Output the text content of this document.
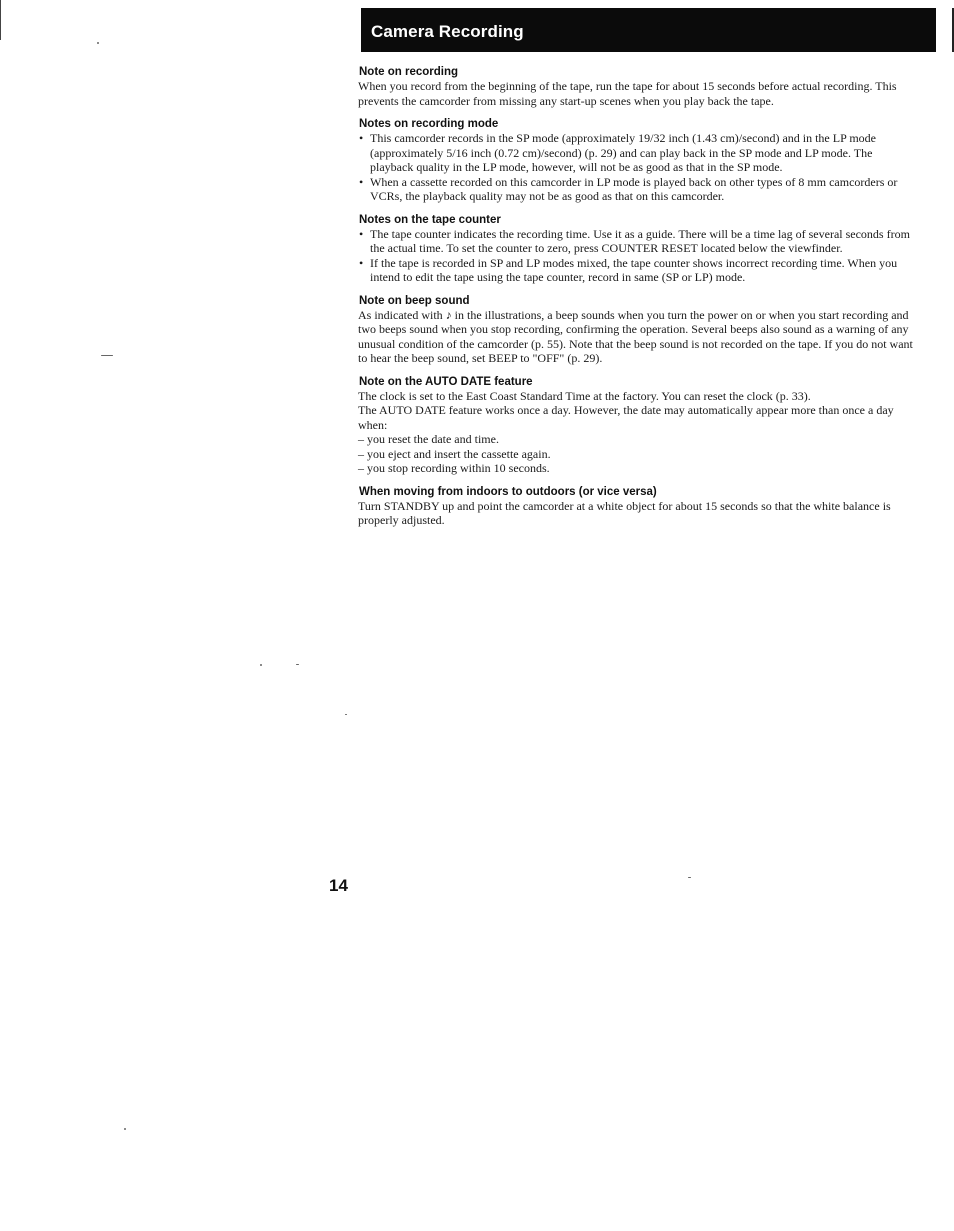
Camera Recording
Note on recording

When you record from the beginning of the tape, run the tape for about 15 seconds before actual recording. This prevents the camcorder from missing any start-up scenes when you play back the tape.

Notes on recording mode
• This camcorder records in the SP mode (approximately 19/32 inch (1.43 cm)/second) and in the LP mode (approximately 5/16 inch (0.72 cm)/second) (p. 29) and can play back in the SP mode and LP mode. The playback quality in the LP mode, however, will not be as good as that in the SP mode.
• When a cassette recorded on this camcorder in LP mode is played back on other types of 8 mm camcorders or VCRs, the playback quality may not be as good as that on this camcorder.
Notes on the tape counter
• The tape counter indicates the recording time. Use it as a guide. There will be a time lag of several seconds from the actual time. To set the counter to zero, press COUNTER RESET located below the viewfinder.
• If the tape is recorded in SP and LP modes mixed, the tape counter shows incorrect recording time. When you intend to edit the tape using the tape counter, record in same (SP or LP) mode.
Note on beep sound

As indicated with ♪ in the illustrations, a beep sounds when you turn the power on or when you start recording and two beeps sound when you stop recording, confirming the operation. Several beeps also sound as a warning of any unusual condition of the camcorder (p. 55). Note that the beep sound is not recorded on the tape. If you do not want to hear the beep sound, set BEEP to "OFF" (p. 29).

Note on the AUTO DATE feature

The clock is set to the East Coast Standard Time at the factory. You can reset the clock (p. 33).

The AUTO DATE feature works once a day. However, the date may automatically appear more than once a day when:

– you reset the date and time.

– you eject and insert the cassette again.

– you stop recording within 10 seconds.

When moving from indoors to outdoors (or vice versa)

Turn STANDBY up and point the camcorder at a white object for about 15 seconds so that the white balance is properly adjusted.

14
